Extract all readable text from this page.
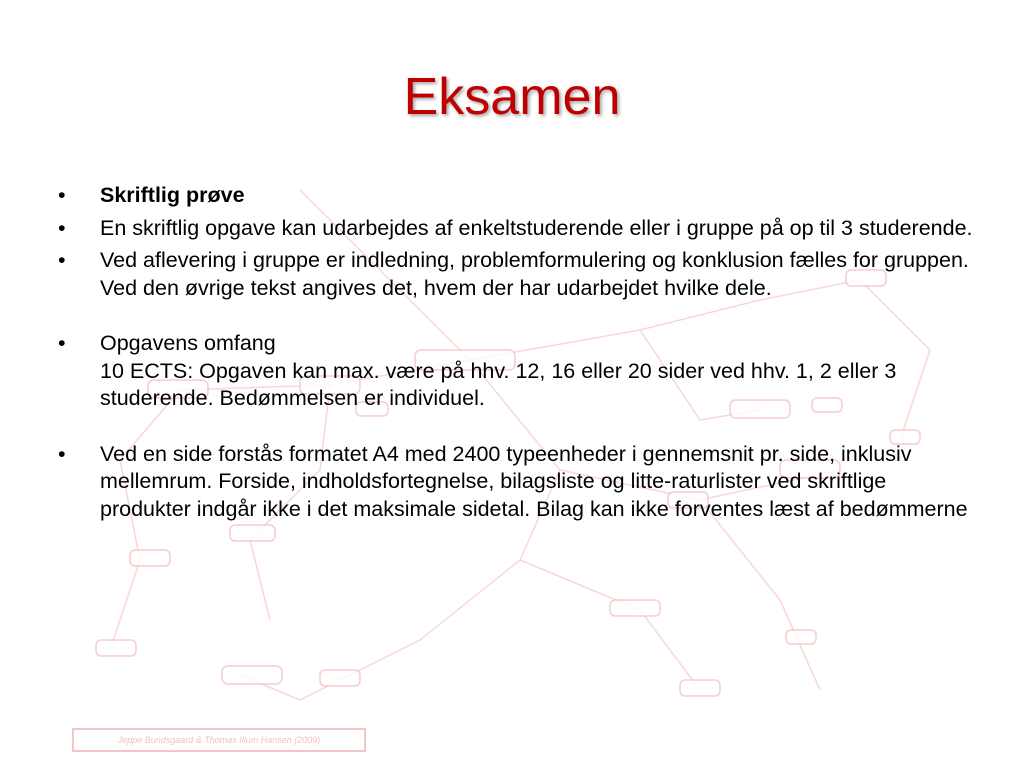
Eksamen
•	Skriftlig prøve
•	En skriftlig opgave kan udarbejdes af enkeltstuderende eller i gruppe på op til 3 studerende.
•	Ved aflevering i gruppe er indledning, problemformulering og konklusion fælles for gruppen. Ved den øvrige tekst angives det, hvem der har udarbejdet hvilke dele.
•	Opgavens omfang
10 ECTS: Opgaven kan max. være på hhv. 12, 16 eller 20 sider ved hhv. 1, 2 eller 3 studerende. Bedømmelsen er individuel.
•	Ved en side forstås formatet A4 med 2400 typeenheder i gennemsnit pr. side, inklusiv mellemrum. Forside, indholdsfortegnelse, bilagsliste og litte-raturlister ved skriftlige produkter indgår ikke i det maksimale sidetal. Bilag kan ikke forventes læst af bedømmerne
Jeppe Bundsgaard & Thomas Illum Hansen (2009)
